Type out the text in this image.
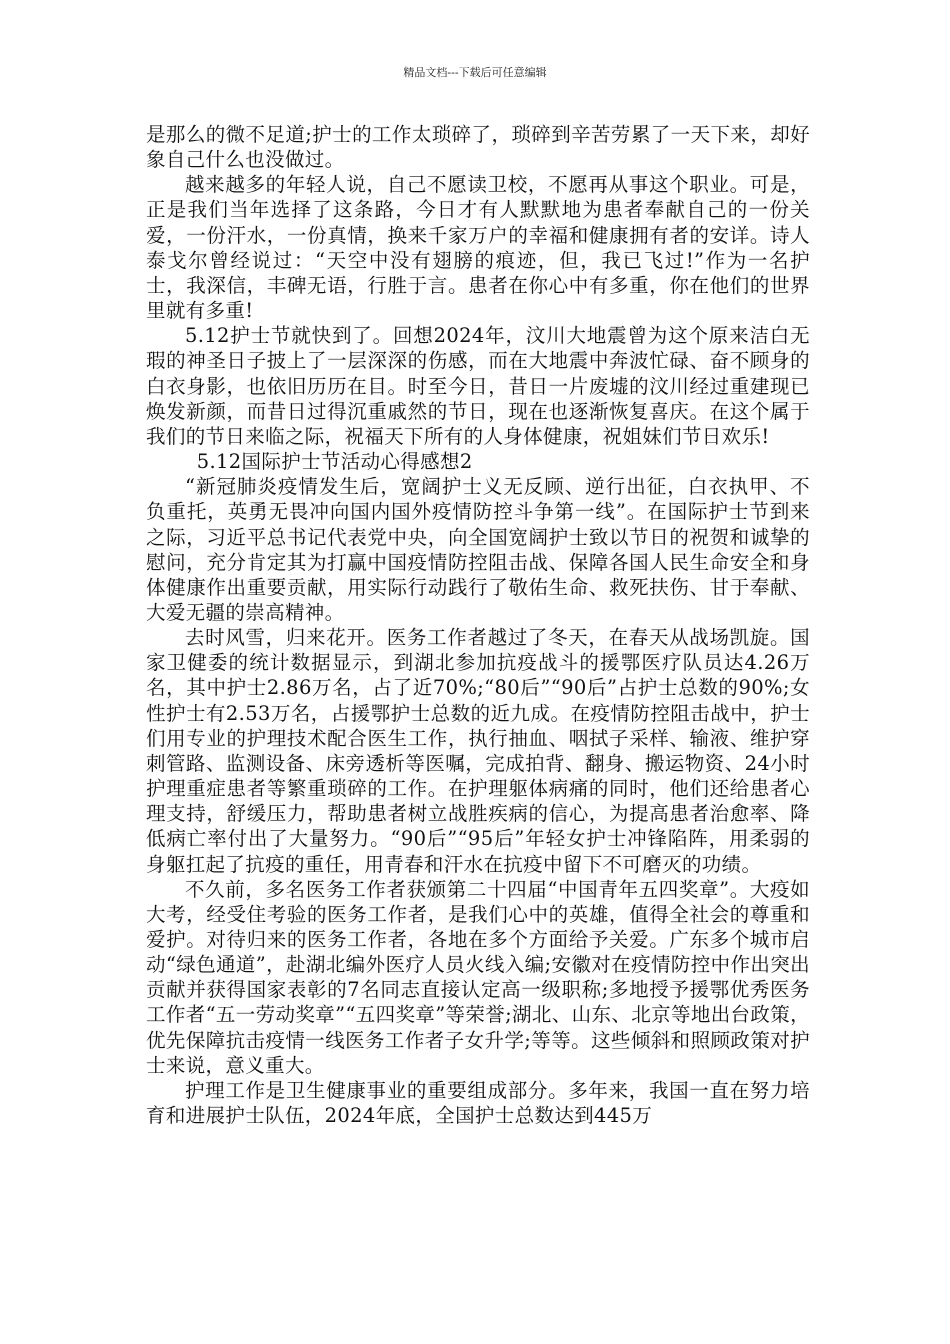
精品文档---下载后可任意编辑

是那么的微不足道;护士的工作太琐碎了，琐碎到辛苦劳累了一天下来，却好象自己什么也没做过。

越来越多的年轻人说，自己不愿读卫校，不愿再从事这个职业。可是，正是我们当年选择了这条路，今日才有人默默地为患者奉献自己的一份关爱，一份汗水，一份真情，换来千家万户的幸福和健康拥有者的安详。诗人泰戈尔曾经说过：“天空中没有翅膀的痕迹，但，我已飞过!”作为一名护士，我深信，丰碑无语，行胜于言。患者在你心中有多重，你在他们的世界里就有多重!

5.12护士节就快到了。回想2024年，汶川大地震曾为这个原来洁白无瑕的神圣日子披上了一层深深的伤感，而在大地震中奔波忙碌、奋不顾身的白衣身影，也依旧历历在目。时至今日，昔日一片废墟的汶川经过重建现已焕发新颜，而昔日过得沉重戚然的节日，现在也逐渐恢复喜庆。在这个属于我们的节日来临之际，祝福天下所有的人身体健康，祝姐妹们节日欢乐!

5.12国际护士节活动心得感想2

“新冠肺炎疫情发生后，宽阔护士义无反顾、逆行出征，白衣执甲、不负重托，英勇无畏冲向国内国外疫情防控斗争第一线”。在国际护士节到来之际，习近平总书记代表党中央，向全国宽阔护士致以节日的祝贺和诚挚的慰问，充分肯定其为打赢中国疫情防控阻击战、保障各国人民生命安全和身体健康作出重要贡献，用实际行动践行了敬佑生命、救死扶伤、甘于奉献、大爱无疆的崇高精神。

去时风雪，归来花开。医务工作者越过了冬天，在春天从战场凯旋。国家卫健委的统计数据显示，到湖北参加抗疫战斗的援鄂医疗队员达4.26万名，其中护士2.86万名，占了近70%;“80后”“90后”占护士总数的90%;女性护士有2.53万名，占援鄂护士总数的近九成。在疫情防控阻击战中，护士们用专业的护理技术配合医生工作，执行抽血、咽拭子采样、输液、维护穿刺管路、监测设备、床旁透析等医嘱，完成拍背、翻身、搬运物资、24小时护理重症患者等繁重琐碎的工作。在护理躯体病痛的同时，他们还给患者心理支持，舒缓压力，帮助患者树立战胜疾病的信心，为提高患者治愈率、降低病亡率付出了大量努力。“90后”“95后”年轻女护士冲锋陷阵，用柔弱的身躯扛起了抗疫的重任，用青春和汗水在抗疫中留下不可磨灭的功绩。

不久前，多名医务工作者获颁第二十四届“中国青年五四奖章”。大疫如大考，经受住考验的医务工作者，是我们心中的英雄，值得全社会的尊重和爱护。对待归来的医务工作者，各地在多个方面给予关爱。广东多个城市启动“绿色通道”，赴湖北编外医疗人员火线入编;安徽对在疫情防控中作出突出贡献并获得国家表彰的7名同志直接认定高一级职称;多地授予援鄂优秀医务工作者“五一劳动奖章”“五四奖章”等荣誉;湖北、山东、北京等地出台政策，优先保障抗击疫情一线医务工作者子女升学;等等。这些倾斜和照顾政策对护士来说，意义重大。

护理工作是卫生健康事业的重要组成部分。多年来，我国一直在努力培育和进展护士队伍，2024年底，全国护士总数达到445万
